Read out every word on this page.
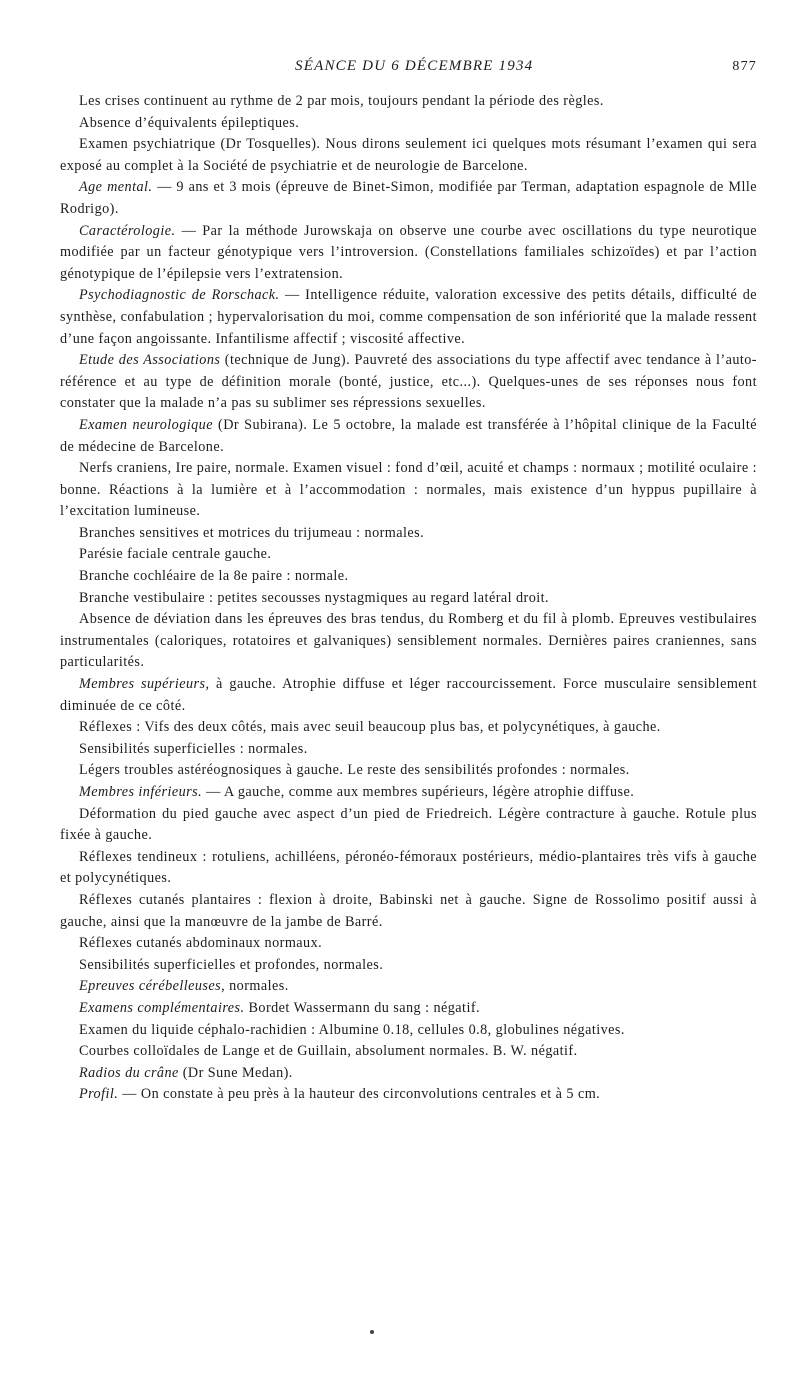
SÉANCE DU 6 DÉCEMBRE 1934	877

Les crises continuent au rythme de 2 par mois, toujours pendant la période des règles.

Absence d’équivalents épileptiques.

Examen psychiatrique (Dr Tosquelles). Nous dirons seulement ici quelques mots résumant l’examen qui sera exposé au complet à la Société de psychiatrie et de neurologie de Barcelone.

Age mental. — 9 ans et 3 mois (épreuve de Binet-Simon, modifiée par Terman, adaptation espagnole de Mlle Rodrigo).

Caractérologie. — Par la méthode Jurowskaja on observe une courbe avec oscillations du type neurotique modifiée par un facteur génotypique vers l’introversion. (Constellations familiales schizoïdes) et par l’action génotypique de l’épilepsie vers l’extratension.

Psychodiagnostic de Rorschack. — Intelligence réduite, valoration excessive des petits détails, difficulté de synthèse, confabulation ; hypervalorisation du moi, comme compensation de son infériorité que la malade ressent d’une façon angoissante. Infantilisme affectif ; viscosité affective.

Etude des Associations (technique de Jung). Pauvreté des associations du type affectif avec tendance à l’auto-référence et au type de définition morale (bonté, justice, etc...). Quelques-unes de ses réponses nous font constater que la malade n’a pas su sublimer ses répressions sexuelles.

Examen neurologique (Dr Subirana). Le 5 octobre, la malade est transférée à l’hôpital clinique de la Faculté de médecine de Barcelone.

Nerfs craniens, Ire paire, normale. Examen visuel : fond d’œil, acuité et champs : normaux ; motilité oculaire : bonne. Réactions à la lumière et à l’accommodation : normales, mais existence d’un hyppus pupillaire à l’excitation lumineuse.

Branches sensitives et motrices du trijumeau : normales.

Parésie faciale centrale gauche.

Branche cochléaire de la 8e paire : normale.

Branche vestibulaire : petites secousses nystagmiques au regard latéral droit.

Absence de déviation dans les épreuves des bras tendus, du Romberg et du fil à plomb. Epreuves vestibulaires instrumentales (caloriques, rotatoires et galvaniques) sensiblement normales. Dernières paires craniennes, sans particularités.

Membres supérieurs, à gauche. Atrophie diffuse et léger raccourcissement. Force musculaire sensiblement diminuée de ce côté.

Réflexes : Vifs des deux côtés, mais avec seuil beaucoup plus bas, et polycynétiques, à gauche.

Sensibilités superficielles : normales.

Légers troubles astéréognosiques à gauche. Le reste des sensibilités profondes : normales.

Membres inférieurs. — A gauche, comme aux membres supérieurs, légère atrophie diffuse.

Déformation du pied gauche avec aspect d’un pied de Friedreich. Légère contracture à gauche. Rotule plus fixée à gauche.

Réflexes tendineux : rotuliens, achilléens, péronéo-fémoraux postérieurs, médio-plantaires très vifs à gauche et polycynétiques.

Réflexes cutanés plantaires : flexion à droite, Babinski net à gauche. Signe de Rossolimo positif aussi à gauche, ainsi que la manœuvre de la jambe de Barré.

Réflexes cutanés abdominaux normaux.

Sensibilités superficielles et profondes, normales.

Epreuves cérébelleuses, normales.

Examens complémentaires. Bordet Wassermann du sang : négatif.

Examen du liquide céphalo-rachidien : Albumine 0.18, cellules 0.8, globulines négatives.

Courbes colloïdales de Lange et de Guillain, absolument normales. B. W. négatif.

Radios du crâne (Dr Sune Medan).

Profil. — On constate à peu près à la hauteur des circonvolutions centrales et à 5 cm.
